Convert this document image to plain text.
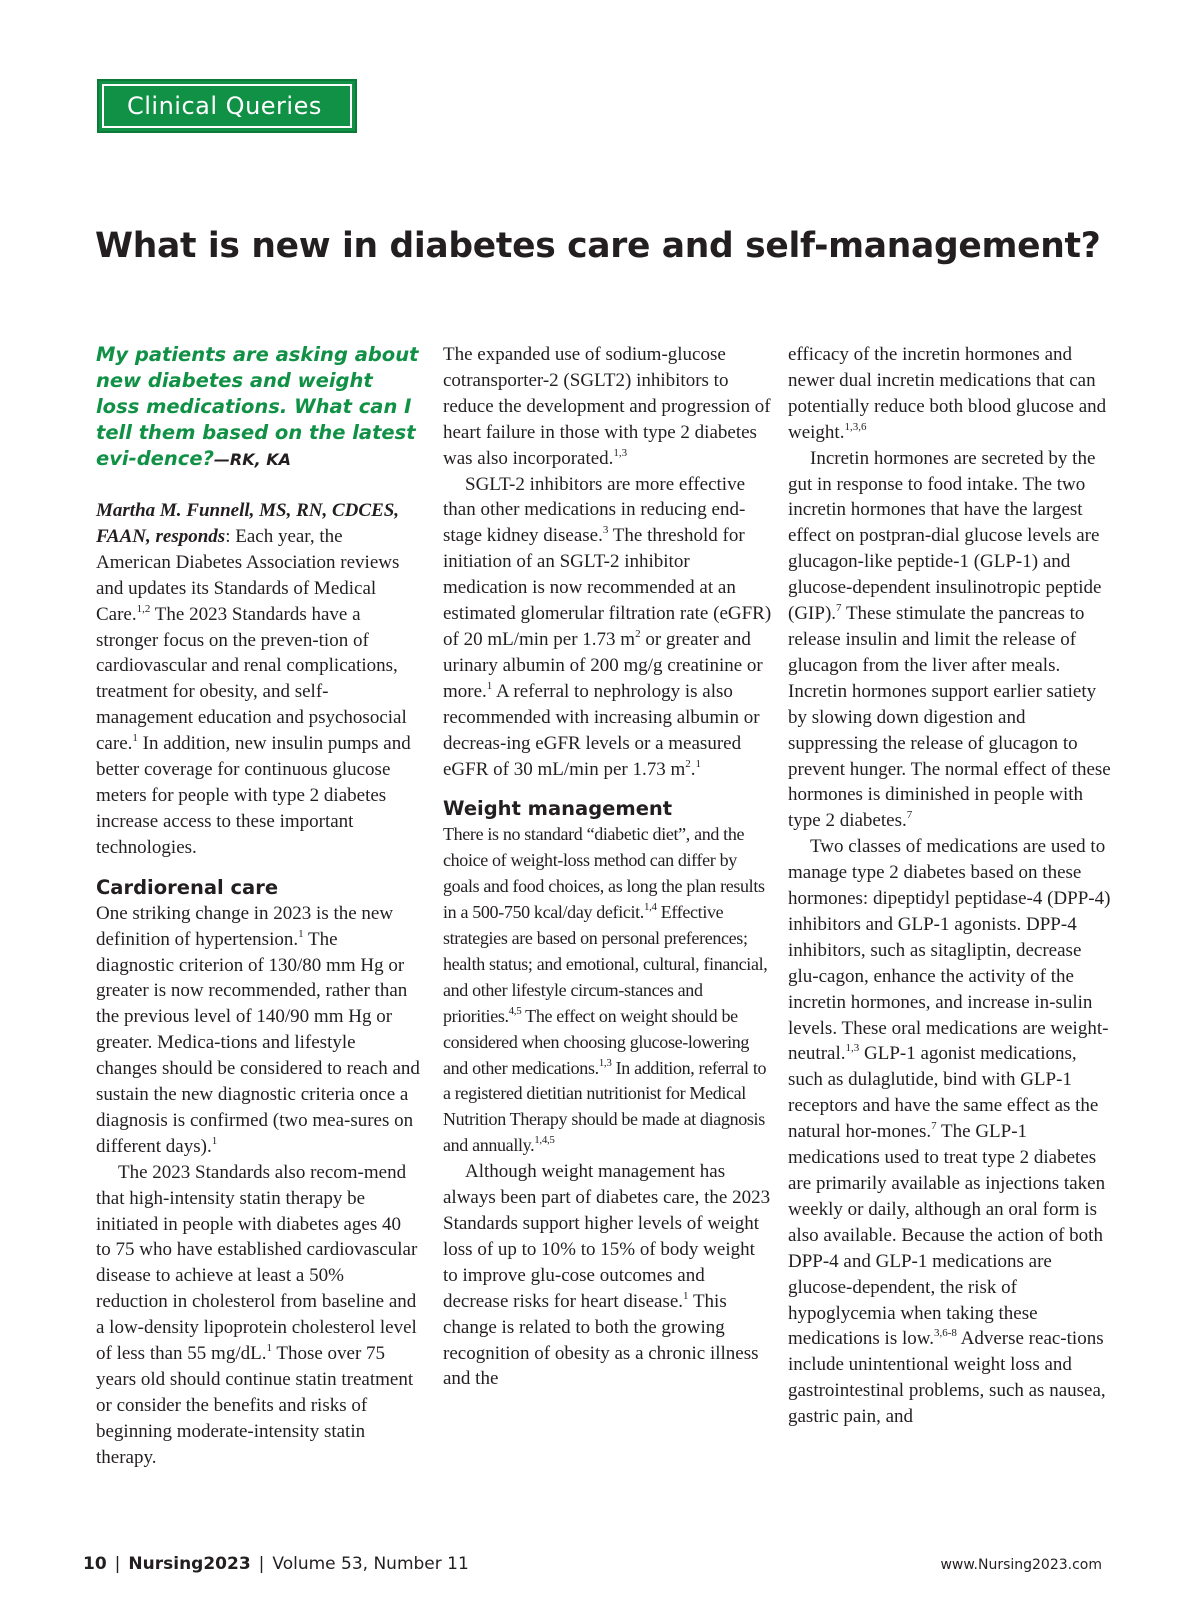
Clinical Queries
What is new in diabetes care and self-management?

My patients are asking about new diabetes and weight loss medications. What can I tell them based on the latest evi-dence?—RK, KA

Martha M. Funnell, MS, RN, CDCES, FAAN, responds: Each year, the American Diabetes Association reviews and updates its Standards of Medical Care.$^{1,2}$ The 2023 Standards have a stronger focus on the preven-tion of cardiovascular and renal complications, treatment for obesity, and self-management education and psychosocial care.$^1$ In addition, new insulin pumps and better coverage for continuous glucose meters for people with type 2 diabetes increase access to these important technologies.

Cardiorenal care

One striking change in 2023 is the new definition of hypertension.$^1$ The diagnostic criterion of 130/80 mm Hg or greater is now recommended, rather than the previous level of 140/90 mm Hg or greater. Medica-tions and lifestyle changes should be considered to reach and sustain the new diagnostic criteria once a diagnosis is confirmed (two mea-sures on different days).$^1$

The 2023 Standards also recom-mend that high-intensity statin therapy be initiated in people with diabetes ages 40 to 75 who have established cardiovascular disease to achieve at least a 50% reduction in cholesterol from baseline and a low-density lipoprotein cholesterol level of less than 55 mg/dL.$^1$ Those over 75 years old should continue statin treatment or consider the benefits and risks of beginning moderate-intensity statin therapy.

The expanded use of sodium-glucose cotransporter-2 (SGLT2) inhibitors to reduce the development and progression of heart failure in those with type 2 diabetes was also incorporated.$^{1,3}$

SGLT-2 inhibitors are more effective than other medications in reducing end-stage kidney disease.$^3$ The threshold for initiation of an SGLT-2 inhibitor medication is now recommended at an estimated glomerular filtration rate (eGFR) of 20 mL/min per 1.73 $m^2$ or greater and urinary albumin of 200 mg/g creatinine or more.$^1$ A referral to nephrology is also recommended with increasing albumin or decreas-ing eGFR levels or a measured eGFR of 30 mL/min per 1.73 $m^2.^1$

Weight management

There is no standard “diabetic diet”, and the choice of weight-loss method can differ by goals and food choices, as long the plan results in a 500-750 kcal/day deficit.$^{1,4}$ Effective strategies are based on personal preferences; health status; and emotional, cultural, financial, and other lifestyle circum-stances and priorities.$^{4,5}$ The effect on weight should be considered when choosing glucose-lowering and other medications.$^{1,3}$ In addition, referral to a registered dietitian nutritionist for Medical Nutrition Therapy should be made at diagnosis and annually.$^{1,4,5}$

Although weight management has always been part of diabetes care, the 2023 Standards support higher levels of weight loss of up to 10% to 15% of body weight to improve glu-cose outcomes and decrease risks for heart disease.$^1$ This change is related to both the growing recognition of obesity as a chronic illness and the

efficacy of the incretin hormones and newer dual incretin medications that can potentially reduce both blood glucose and weight.$^{1,3,6}$

Incretin hormones are secreted by the gut in response to food intake. The two incretin hormones that have the largest effect on postpran-dial glucose levels are glucagon-like peptide-1 (GLP-1) and glucose-dependent insulinotropic peptide (GIP).$^7$ These stimulate the pancreas to release insulin and limit the release of glucagon from the liver after meals. Incretin hormones support earlier satiety by slowing down digestion and suppressing the release of glucagon to prevent hunger. The normal effect of these hormones is diminished in people with type 2 diabetes.$^7$

Two classes of medications are used to manage type 2 diabetes based on these hormones: dipeptidyl peptidase-4 (DPP-4) inhibitors and GLP-1 agonists. DPP-4 inhibitors, such as sitagliptin, decrease glu-cagon, enhance the activity of the incretin hormones, and increase in-sulin levels. These oral medications are weight-neutral.$^{1,3}$ GLP-1 agonist medications, such as dulaglutide, bind with GLP-1 receptors and have the same effect as the natural hor-mones.$^7$ The GLP-1 medications used to treat type 2 diabetes are primarily available as injections taken weekly or daily, although an oral form is also available. Because the action of both DPP-4 and GLP-1 medications are glucose-dependent, the risk of hypoglycemia when taking these medications is low.$^{3,6-8}$ Adverse reac-tions include unintentional weight loss and gastrointestinal problems, such as nausea, gastric pain, and

10 | Nursing2023 | Volume 53, Number 11	www.Nursing2023.com
